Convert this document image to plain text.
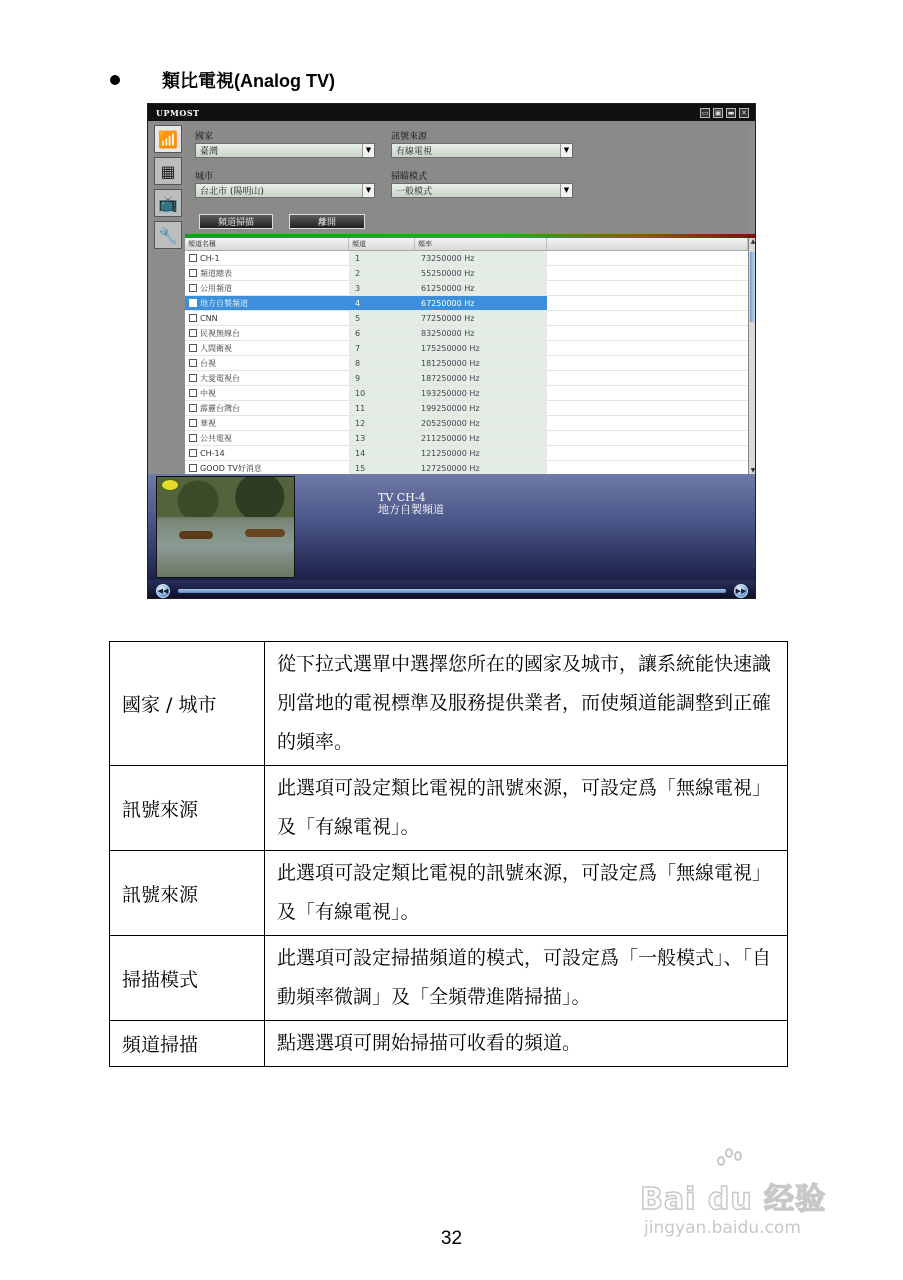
類比電視(Analog TV)
UPMOST	▭ ▣ ▬ ✕
📶
▦
📺
🔧
國家
臺灣	▼
訊號來源
有線電視	▼
城市
台北市 (陽明山)	▼
掃瞄模式
一般模式	▼
頻道掃描	離開
頻道名稱	頻道	頻率
CH-1	1	73250000 Hz
頻道總表	2	55250000 Hz
公用頻道	3	61250000 Hz
地方自製頻道	4	67250000 Hz
CNN	5	77250000 Hz
民視無線台	6	83250000 Hz
人間衛視	7	175250000 Hz
台視	8	181250000 Hz
大愛電視台	9	187250000 Hz
中視	10	193250000 Hz
霹靂台灣台	11	199250000 Hz
華視	12	205250000 Hz
公共電視	13	211250000 Hz
CH-14	14	121250000 Hz
GOOD TV好消息	15	127250000 Hz
▲
▼
TV CH-4
地方自製頻道
◀◀	▶▶
國家 / 城市	從下拉式選單中選擇您所在的國家及城市，讓系統能快速識別當地的電視標準及服務提供業者，而使頻道能調整到正確的頻率。
訊號來源	此選項可設定類比電視的訊號來源，可設定爲「無線電視」及「有線電視」。
訊號來源	此選項可設定類比電視的訊號來源，可設定爲「無線電視」及「有線電視」。
掃描模式	此選項可設定掃描頻道的模式，可設定爲「一般模式」、「自動頻率微調」及「全頻帶進階掃描」。
頻道掃描	點選選項可開始掃描可收看的頻道。
32
Bai du 经验
jingyan.baidu.com
